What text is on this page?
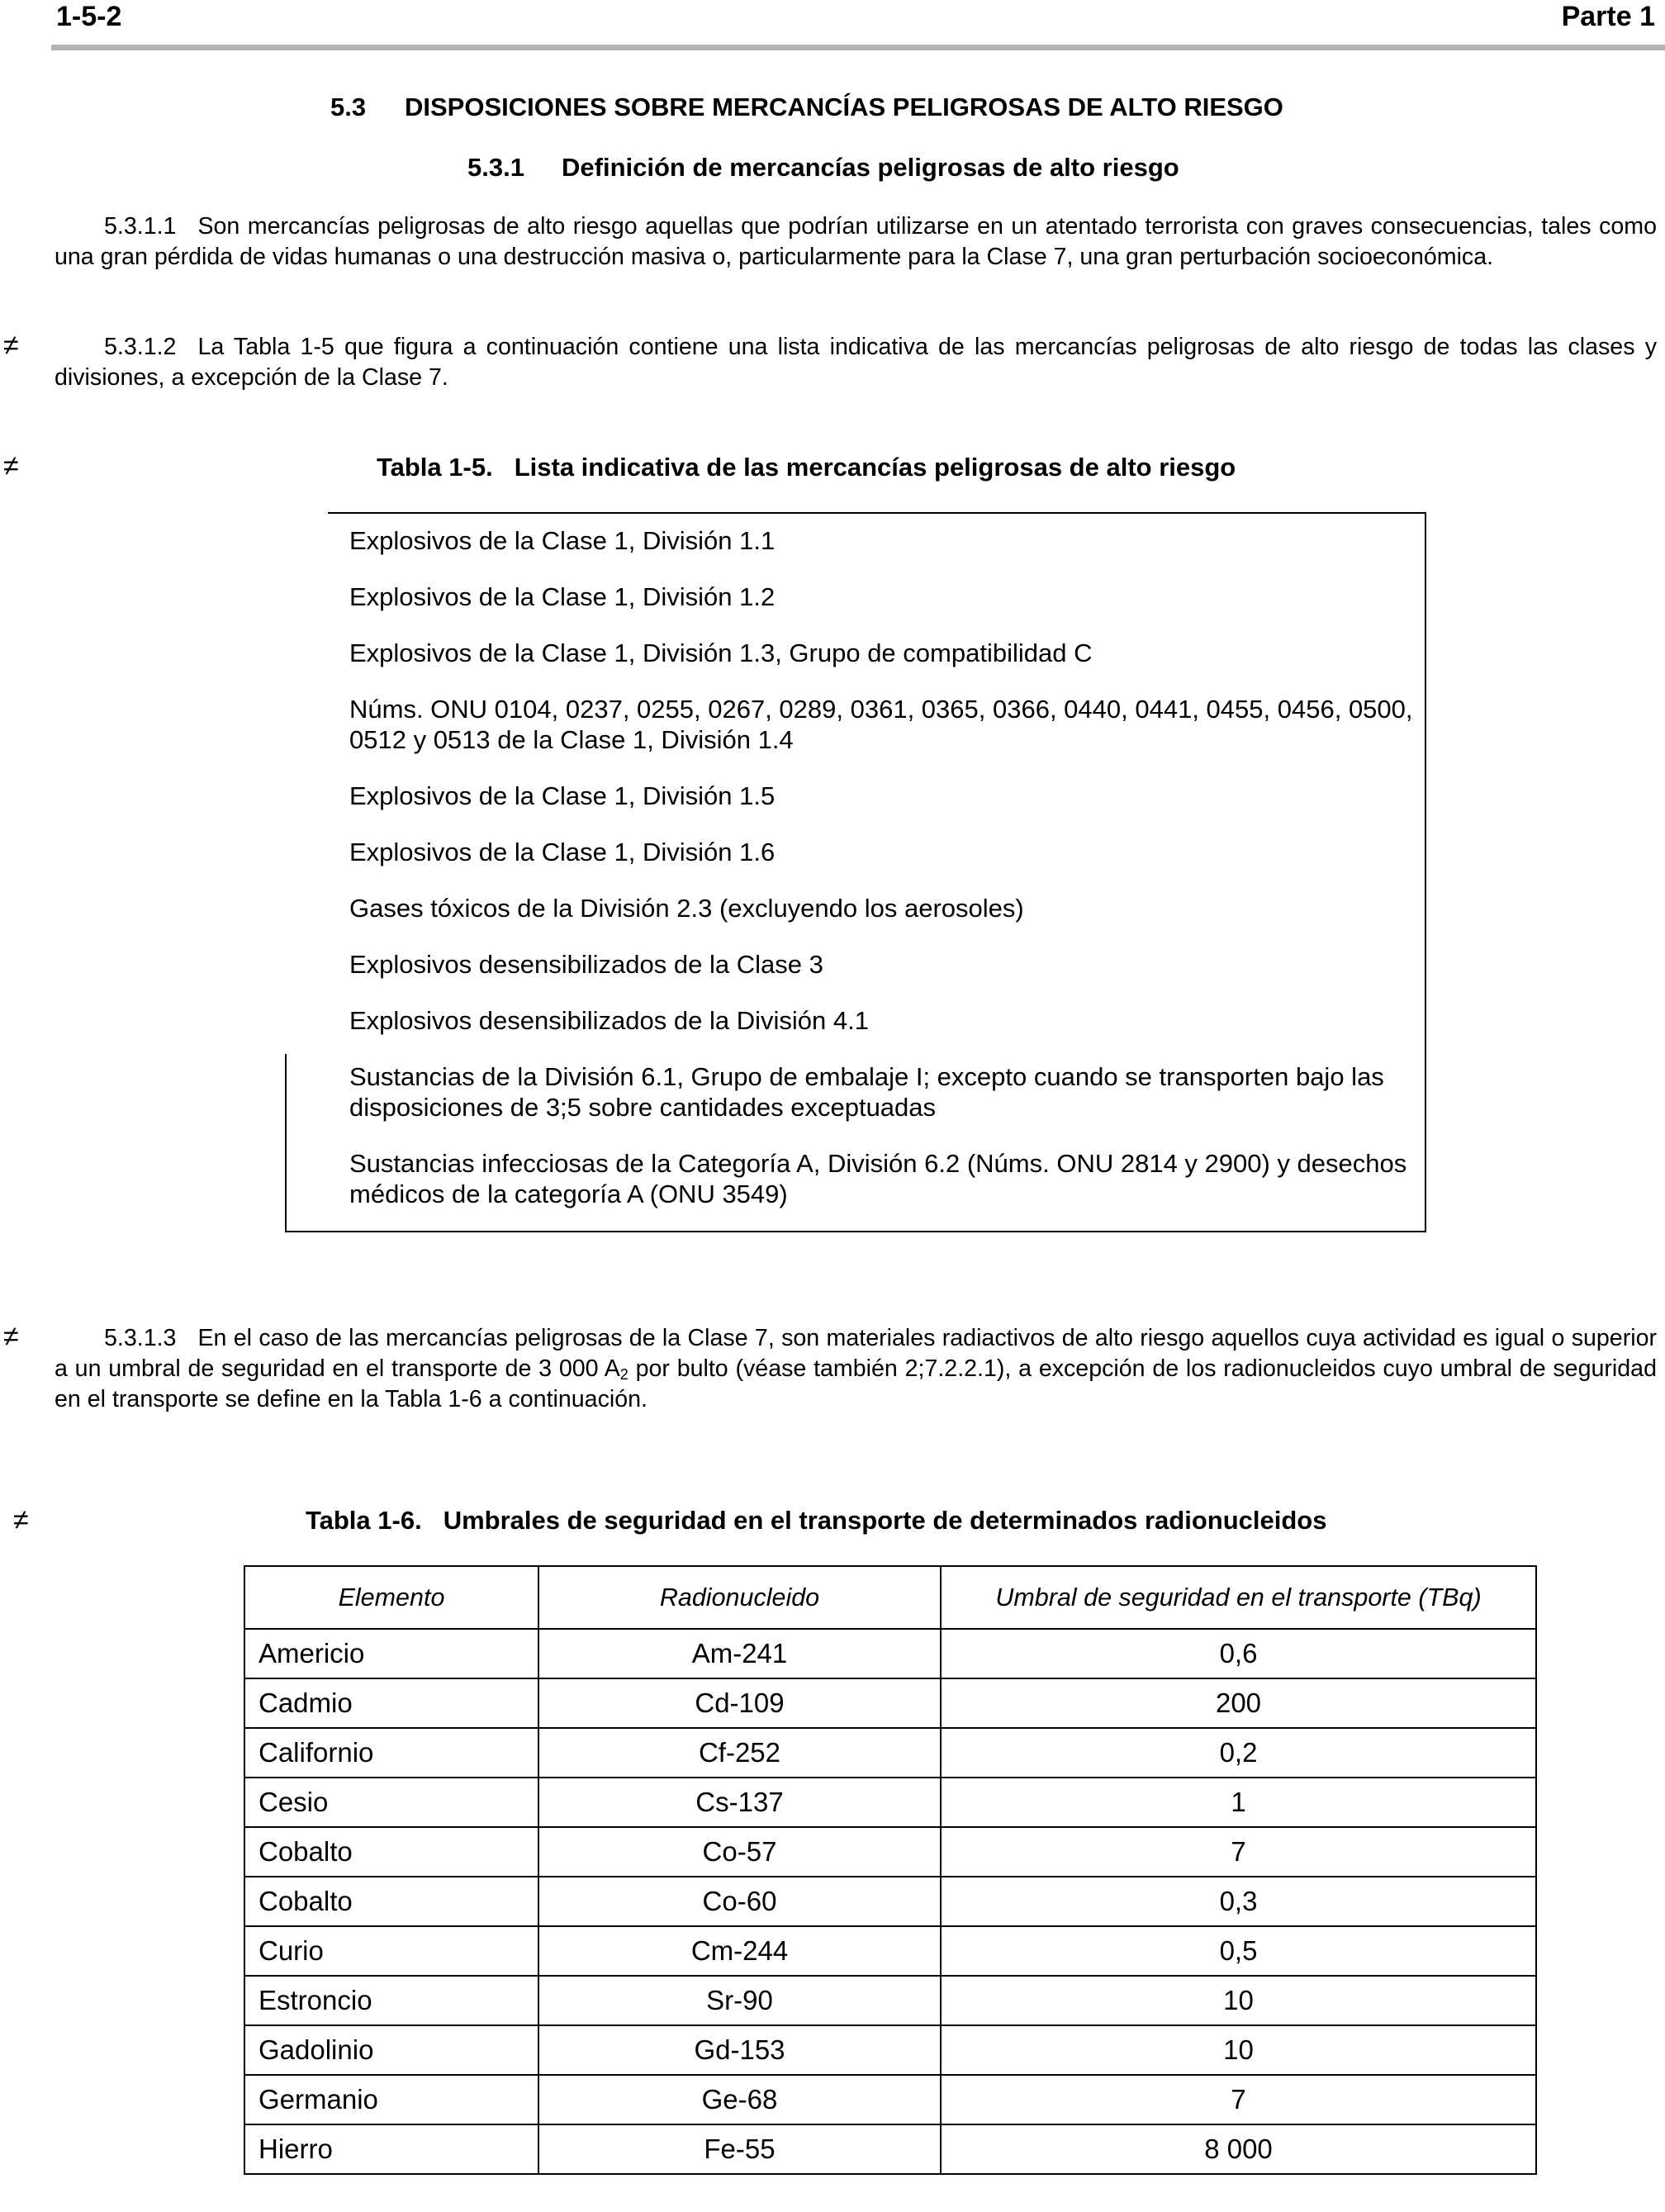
1-5-2	Parte 1
5.3 DISPOSICIONES SOBRE MERCANCÍAS PELIGROSAS DE ALTO RIESGO
5.3.1 Definición de mercancías peligrosas de alto riesgo
5.3.1.1 Son mercancías peligrosas de alto riesgo aquellas que podrían utilizarse en un atentado terrorista con graves consecuencias, tales como una gran pérdida de vidas humanas o una destrucción masiva o, particularmente para la Clase 7, una gran perturbación socioeconómica.
≠	5.3.1.2 La Tabla 1-5 que figura a continuación contiene una lista indicativa de las mercancías peligrosas de alto riesgo de todas las clases y divisiones, a excepción de la Clase 7.
≠	Tabla 1-5. Lista indicativa de las mercancías peligrosas de alto riesgo
Explosivos de la Clase 1, División 1.1
Explosivos de la Clase 1, División 1.2
Explosivos de la Clase 1, División 1.3, Grupo de compatibilidad C
Núms. ONU 0104, 0237, 0255, 0267, 0289, 0361, 0365, 0366, 0440, 0441, 0455, 0456, 0500, 0512 y 0513 de la Clase 1, División 1.4
Explosivos de la Clase 1, División 1.5
Explosivos de la Clase 1, División 1.6
Gases tóxicos de la División 2.3 (excluyendo los aerosoles)
Explosivos desensibilizados de la Clase 3
Explosivos desensibilizados de la División 4.1
Sustancias de la División 6.1, Grupo de embalaje I; excepto cuando se transporten bajo las disposiciones de 3;5 sobre cantidades exceptuadas
Sustancias infecciosas de la Categoría A, División 6.2 (Núms. ONU 2814 y 2900) y desechos médicos de la categoría A (ONU 3549)
≠	5.3.1.3 En el caso de las mercancías peligrosas de la Clase 7, son materiales radiactivos de alto riesgo aquellos cuya actividad es igual o superior a un umbral de seguridad en el transporte de 3 000 $A_2$ por bulto (véase también 2;7.2.2.1), a excepción de los radionucleidos cuyo umbral de seguridad en el transporte se define en la Tabla 1-6 a continuación.
≠	Tabla 1-6. Umbrales de seguridad en el transporte de determinados radionucleidos
Elemento	Radionucleido	Umbral de seguridad en el transporte (TBq)
Americio	Am-241	0,6
Cadmio	Cd-109	200
Californio	Cf-252	0,2
Cesio	Cs-137	1
Cobalto	Co-57	7
Cobalto	Co-60	0,3
Curio	Cm-244	0,5
Estroncio	Sr-90	10
Gadolinio	Gd-153	10
Germanio	Ge-68	7
Hierro	Fe-55	8 000
